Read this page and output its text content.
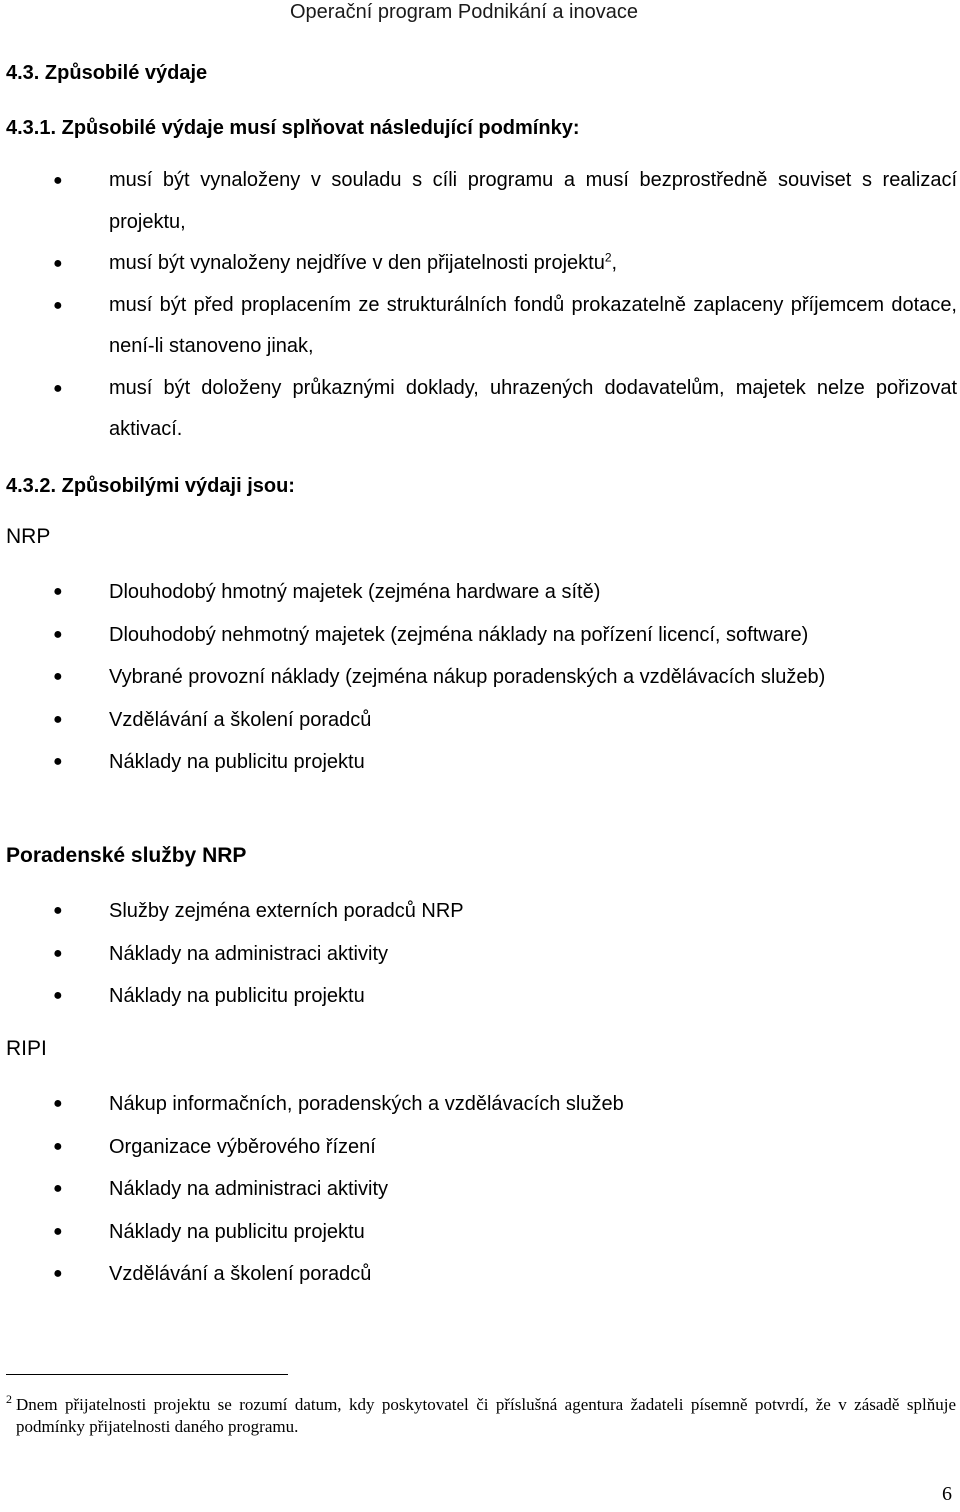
Operační program Podnikání a inovace
4.3. Způsobilé výdaje
4.3.1. Způsobilé výdaje musí splňovat následující podmínky:
● musí být vynaloženy v souladu s cíli programu a musí bezprostředně souviset s realizací projektu,
● musí být vynaloženy nejdříve v den přijatelnosti projektu$^2$,
● musí být před proplacením ze strukturálních fondů prokazatelně zaplaceny příjemcem dotace, není-li stanoveno jinak,
● musí být doloženy průkaznými doklady, uhrazených dodavatelům, majetek nelze pořizovat aktivací.
4.3.2. Způsobilými výdaji jsou:
NRP
● Dlouhodobý hmotný majetek (zejména hardware a sítě)
● Dlouhodobý nehmotný majetek (zejména náklady na pořízení licencí, software)
● Vybrané provozní náklady (zejména nákup poradenských a vzdělávacích služeb)
● Vzdělávání a školení poradců
● Náklady na publicitu projektu
Poradenské služby NRP
● Služby zejména externích poradců NRP
● Náklady na administraci aktivity
● Náklady na publicitu projektu
RIPI
● Nákup informačních, poradenských a vzdělávacích služeb
● Organizace výběrového řízení
● Náklady na administraci aktivity
● Náklady na publicitu projektu
● Vzdělávání a školení poradců
2 Dnem přijatelnosti projektu se rozumí datum, kdy poskytovatel či příslušná agentura žadateli písemně potvrdí, že v zásadě splňuje podmínky přijatelnosti daného programu.
6
